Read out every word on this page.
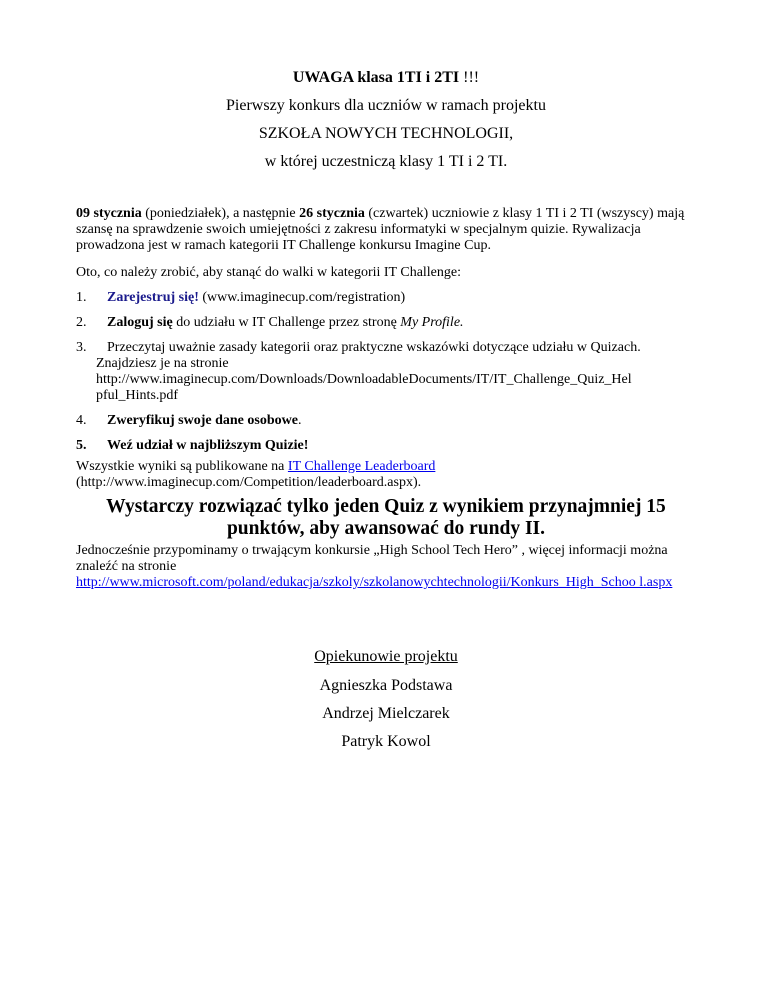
UWAGA klasa 1TI i 2TI !!!
Pierwszy konkurs dla uczniów w ramach projektu
SZKOŁA NOWYCH TECHNOLOGII,
w której uczestniczą klasy 1 TI i 2 TI.
09 stycznia (poniedziałek), a następnie 26 stycznia (czwartek) uczniowie z klasy 1 TI i 2 TI (wszyscy) mają szansę na sprawdzenie swoich umiejętności z zakresu informatyki w specjalnym quizie. Rywalizacja prowadzona jest w ramach kategorii IT Challenge konkursu Imagine Cup.
Oto, co należy zrobić, aby stanąć do walki w kategorii IT Challenge:
1. Zarejestruj się! (www.imaginecup.com/registration)
2. Zaloguj się do udziału w IT Challenge przez stronę My Profile.
3.	Przeczytaj uważnie zasady kategorii oraz praktyczne wskazówki dotyczące udziału w Quizach. Znajdziesz je na stronie http://www.imaginecup.com/Downloads/DownloadableDocuments/IT/IT_Challenge_Quiz_Hel pful_Hints.pdf
4. Zweryfikuj swoje dane osobowe.
5. Weź udział w najbliższym Quizie!
Wszystkie wyniki są publikowane na IT Challenge Leaderboard
(http://www.imaginecup.com/Competition/leaderboard.aspx).
Wystarczy rozwiązać tylko jeden Quiz z wynikiem przynajmniej 15 punktów, aby awansować do rundy II.
Jednocześnie przypominamy o trwającym konkursie „High School Tech Hero” , więcej informacji można znaleźć na stronie
http://www.microsoft.com/poland/edukacja/szkoly/szkolanowychtechnologii/Konkurs_High_Schoo l.aspx
Opiekunowie projektu
Agnieszka Podstawa
Andrzej Mielczarek
Patryk Kowol
